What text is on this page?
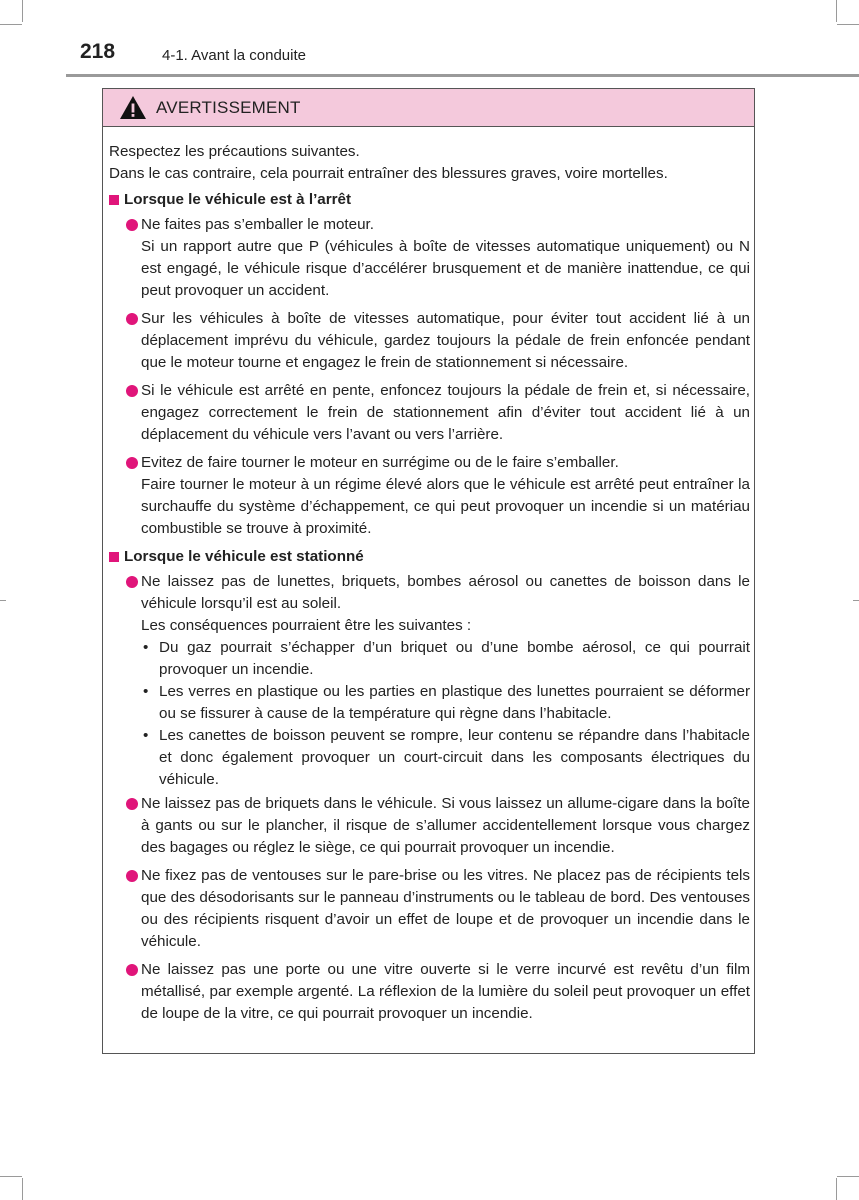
218	4-1. Avant la conduite
AVERTISSEMENT

Respectez les précautions suivantes.

Dans le cas contraire, cela pourrait entraîner des blessures graves, voire mortelles.

Lorsque le véhicule est à l’arrêt

Ne faites pas s’emballer le moteur.

Si un rapport autre que P (véhicules à boîte de vitesses automatique uniquement) ou N est engagé, le véhicule risque d’accélérer brusquement et de manière inattendue, ce qui peut provoquer un accident.

Sur les véhicules à boîte de vitesses automatique, pour éviter tout accident lié à un déplacement imprévu du véhicule, gardez toujours la pédale de frein enfoncée pendant que le moteur tourne et engagez le frein de stationnement si nécessaire.

Si le véhicule est arrêté en pente, enfoncez toujours la pédale de frein et, si nécessaire, engagez correctement le frein de stationnement afin d’éviter tout accident lié à un déplacement du véhicule vers l’avant ou vers l’arrière.

Evitez de faire tourner le moteur en surrégime ou de le faire s’emballer.

Faire tourner le moteur à un régime élevé alors que le véhicule est arrêté peut entraîner la surchauffe du système d’échappement, ce qui peut provoquer un incendie si un matériau combustible se trouve à proximité.

Lorsque le véhicule est stationné

Ne laissez pas de lunettes, briquets, bombes aérosol ou canettes de boisson dans le véhicule lorsqu’il est au soleil.

Les conséquences pourraient être les suivantes :

• Du gaz pourrait s’échapper d’un briquet ou d’une bombe aérosol, ce qui pourrait provoquer un incendie.

• Les verres en plastique ou les parties en plastique des lunettes pourraient se déformer ou se fissurer à cause de la température qui règne dans l’habitacle.

• Les canettes de boisson peuvent se rompre, leur contenu se répandre dans l’habitacle et donc également provoquer un court-circuit dans les composants électriques du véhicule.

Ne laissez pas de briquets dans le véhicule. Si vous laissez un allume-cigare dans la boîte à gants ou sur le plancher, il risque de s’allumer accidentellement lorsque vous chargez des bagages ou réglez le siège, ce qui pourrait provoquer un incendie.

Ne fixez pas de ventouses sur le pare-brise ou les vitres. Ne placez pas de récipients tels que des désodorisants sur le panneau d’instruments ou le tableau de bord. Des ventouses ou des récipients risquent d’avoir un effet de loupe et de provoquer un incendie dans le véhicule.

Ne laissez pas une porte ou une vitre ouverte si le verre incurvé est revêtu d’un film métallisé, par exemple argenté. La réflexion de la lumière du soleil peut provoquer un effet de loupe de la vitre, ce qui pourrait provoquer un incendie.
